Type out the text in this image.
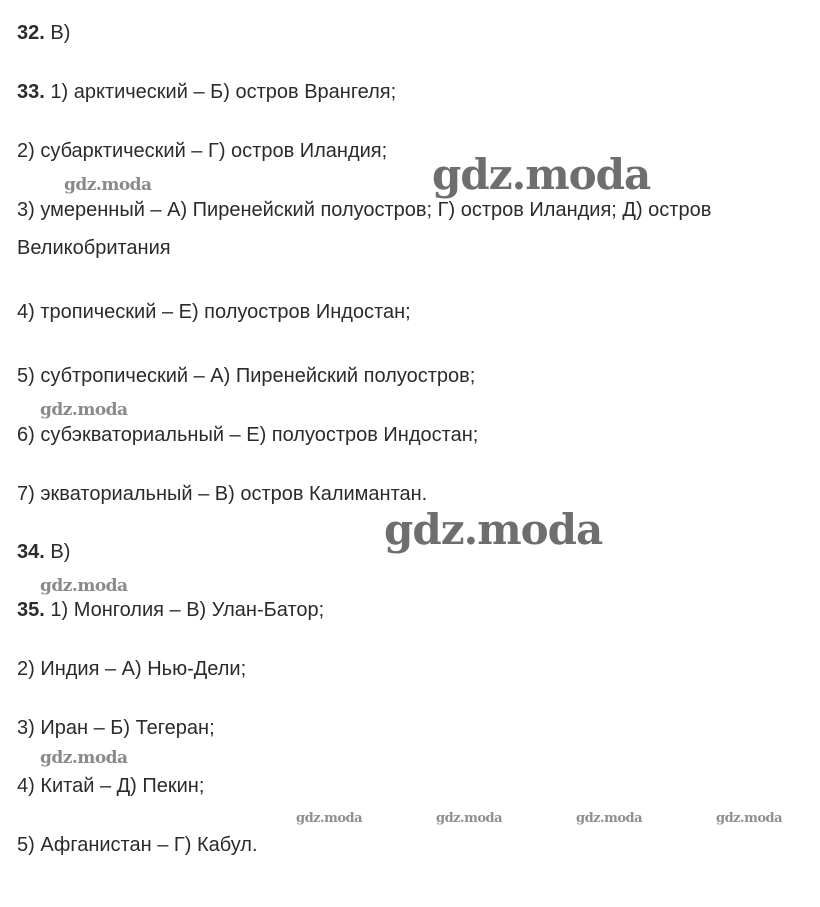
32. В)

33. 1) арктический – Б) остров Врангеля;

2) субарктический – Г) остров Иландия;

3) умеренный – А) Пиренейский полуостров; Г) остров Иландия; Д) остров

Великобритания

4) тропический – Е) полуостров Индостан;

5) субтропический – А) Пиренейский полуостров;

6) субэкваториальный – Е) полуостров Индостан;

7) экваториальный – В) остров Калимантан.

34. В)

35. 1) Монголия – В) Улан-Батор;

2) Индия – А) Нью-Дели;

3) Иран – Б) Тегеран;

4) Китай – Д) Пекин;

5) Афганистан – Г) Кабул.

gdz.moda
gdz.moda
gdz.moda
gdz.moda
gdz.moda
gdz.moda
gdz.moda	gdz.moda	gdz.moda	gdz.moda
